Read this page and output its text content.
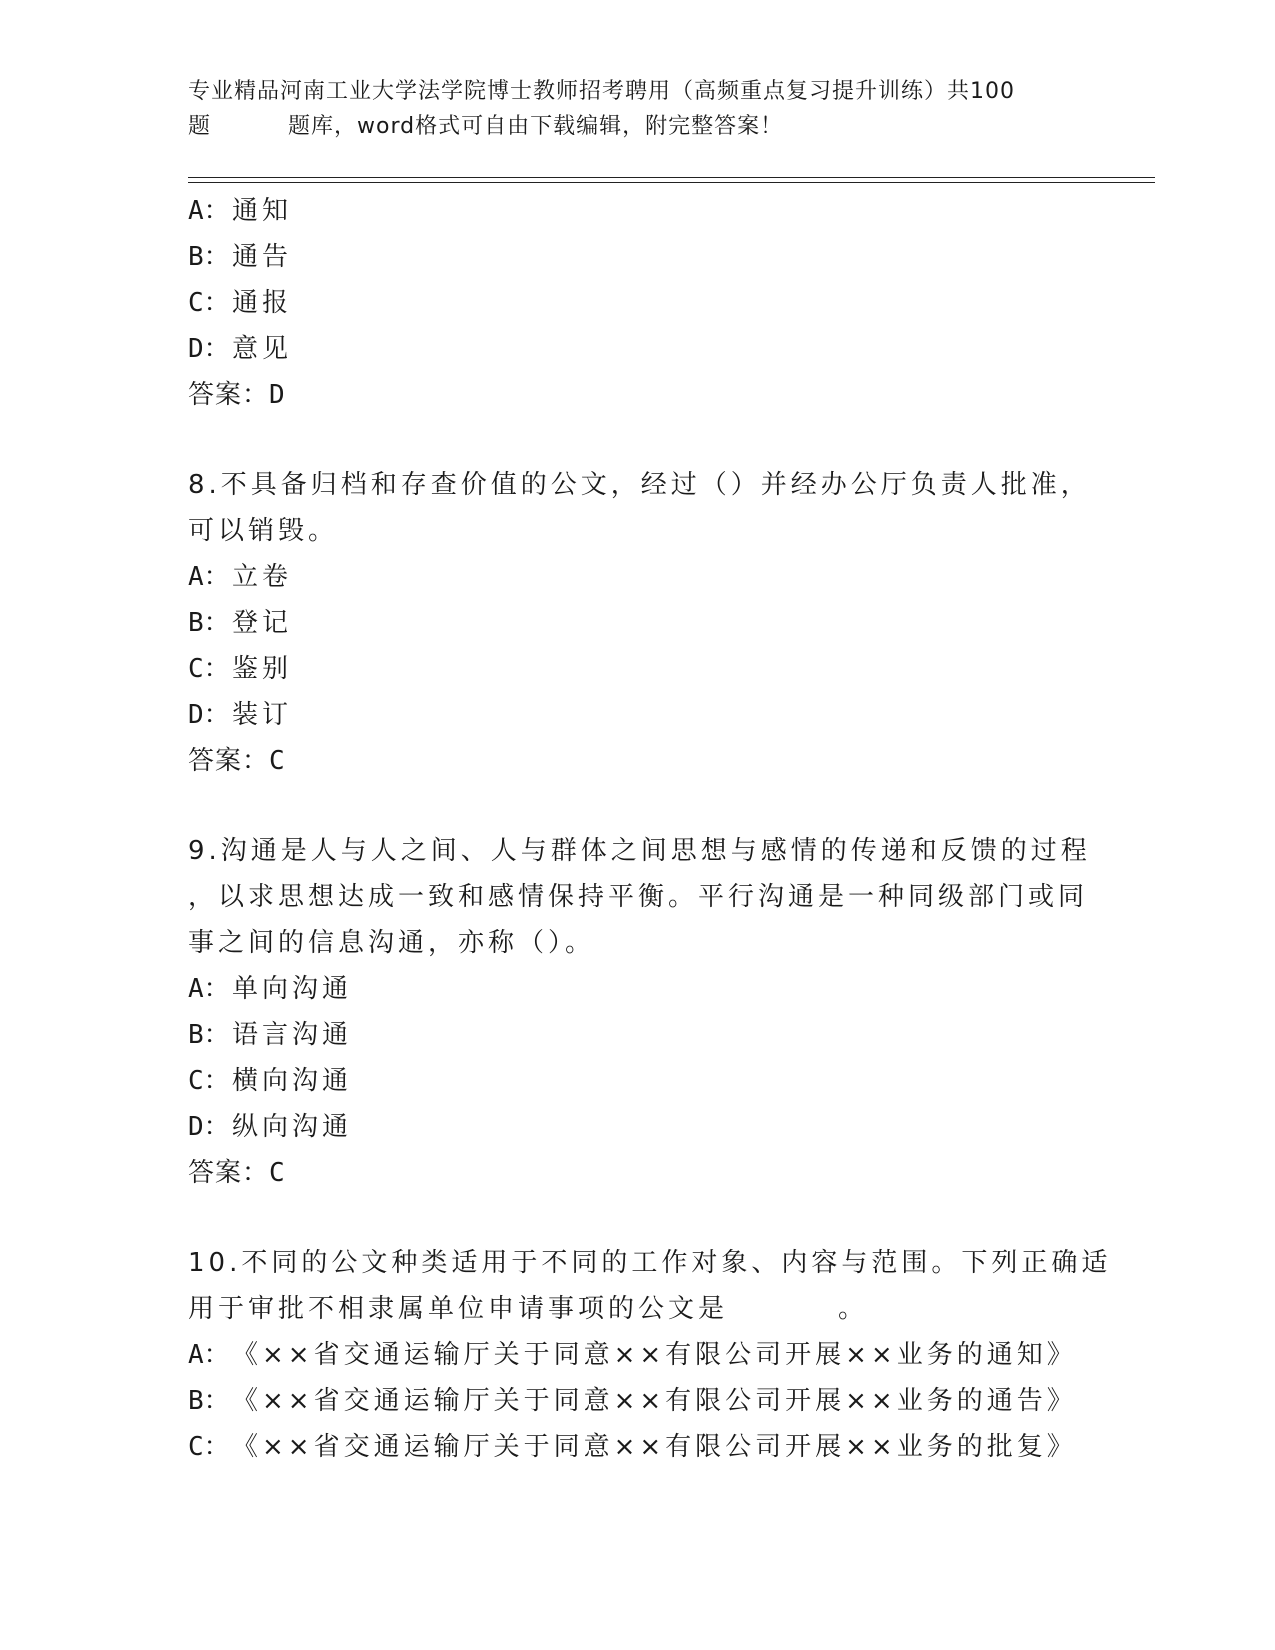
专业精品河南工业大学法学院博士教师招考聘用（高频重点复习提升训练）共100
题	题库，word格式可自由下载编辑，附完整答案！
A：通知
B：通告
C：通报
D：意见
答案：D
8.不具备归档和存查价值的公文，经过（）并经办公厅负责人批准，
可以销毁。
A：立卷
B：登记
C：鉴别
D：装订
答案：C
9.沟通是人与人之间、人与群体之间思想与感情的传递和反馈的过程
，以求思想达成一致和感情保持平衡。平行沟通是一种同级部门或同
事之间的信息沟通，亦称（）。
A：单向沟通
B：语言沟通
C：横向沟通
D：纵向沟通
答案：C
10.不同的公文种类适用于不同的工作对象、内容与范围。下列正确适
用于审批不相隶属单位申请事项的公文是	。
A：《××省交通运输厅关于同意××有限公司开展××业务的通知》
B：《××省交通运输厅关于同意××有限公司开展××业务的通告》
C：《××省交通运输厅关于同意××有限公司开展××业务的批复》
